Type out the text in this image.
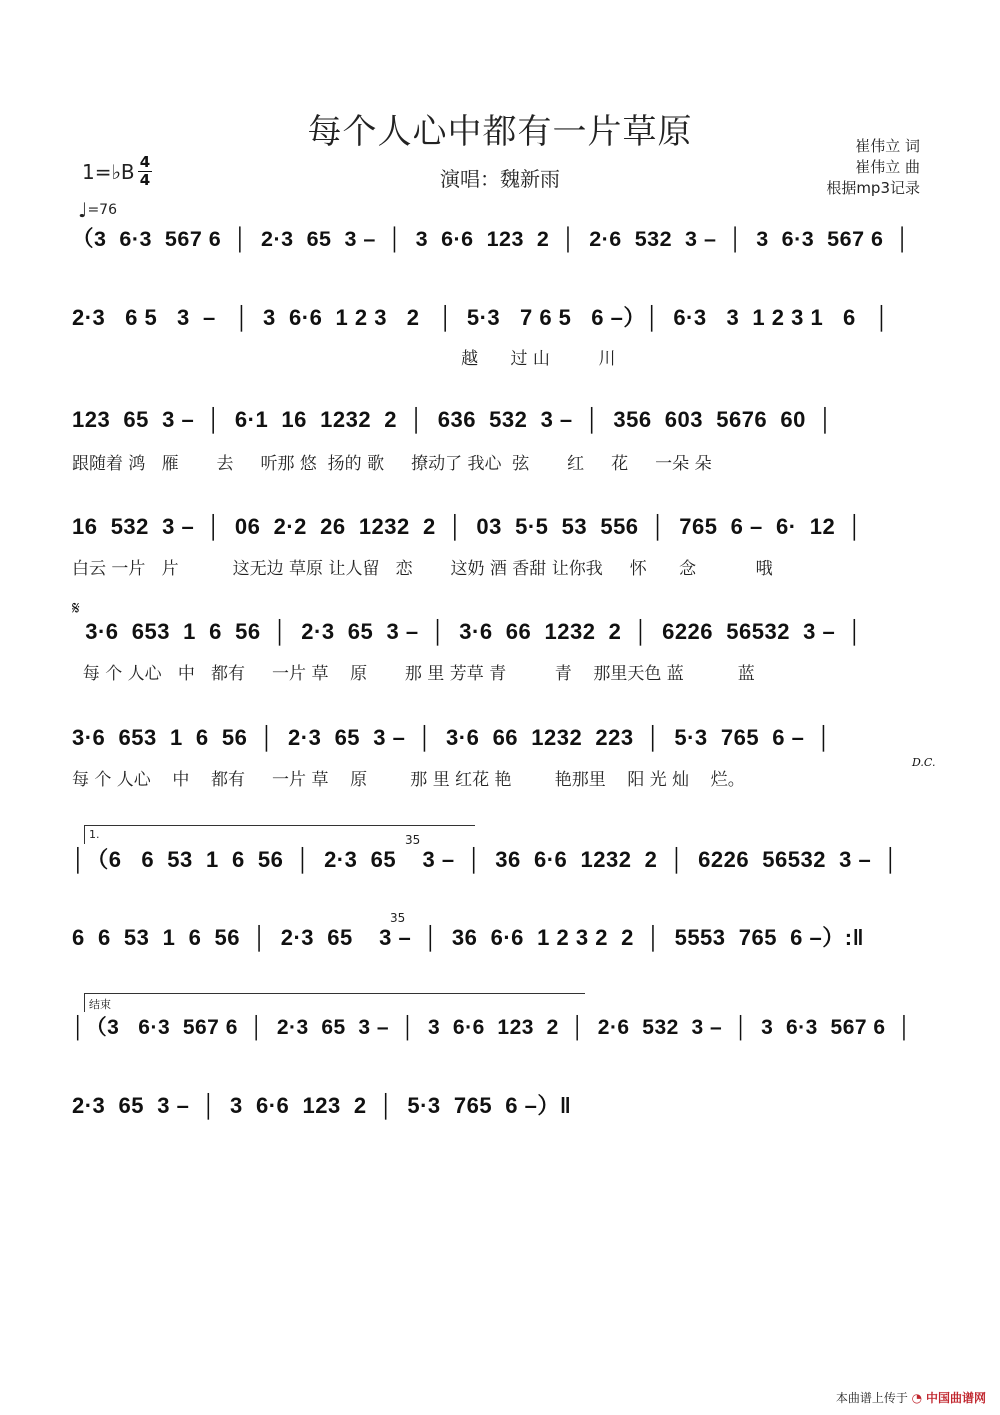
每个人心中都有一片草原
演唱：魏新雨
崔伟立 词
崔伟立 曲
根据mp3记录
1=♭B 4
4
♩=76
（3  6·3  567 6  │  2·3  65  3 –  │  3  6·6  123  2  │  2·6  532  3 –  │  3  6·3  567 6  │
2·3   6 5   3  –   │  3  6·6  1 2 3   2   │  5·3   7 6 5   6 –）│  6·3   3  1 2 3 1   6   │
越      过 山         川
123  65  3 –  │  6·1  16  1232  2  │  636  532  3 –  │  356  603  5676  60  │
跟随着 鸿   雁       去     听那 悠  扬的 歌     撩动了 我心  弦       红     花     一朵 朵
16  532  3 –  │  06  2·2  26  1232  2  │  03  5·5  53  556  │  765  6 –  6·  12  │
白云 一片   片          这无边 草原 让人留   恋       这奶 酒 香甜 让你我     怀      念           哦
𝄋
3·6  653  1  6  56  │  2·3  65  3 –  │  3·6  66  1232  2  │  6226  56532  3 –  │
每 个 人心   中   都有     一片 草    原       那 里 芳草 青         青    那里天色 蓝          蓝
3·6  653  1  6  56  │  2·3  65  3 –  │  3·6  66  1232  223  │  5·3  765  6 –  │
每 个 人心    中    都有     一片 草    原        那 里 红花 艳        艳那里    阳 光 灿    烂。
D.C.
1.	35
│（6   6  53  1  6  56  │  2·3  65    3 –  │  36  6·6  1232  2  │  6226  56532  3 –  │
35
6  6  53  1  6  56  │  2·3  65    3 –  │  36  6·6  1 2 3 2  2  │  5553  765  6 –）:‖
结束
│（3   6·3  567 6  │  2·3  65  3 –  │  3  6·6  123  2  │  2·6  532  3 –  │  3  6·3  567 6  │
2·3  65  3 –  │  3  6·6  123  2  │  5·3  765  6 –）‖
本曲谱上传于 ◔ 中国曲谱网
